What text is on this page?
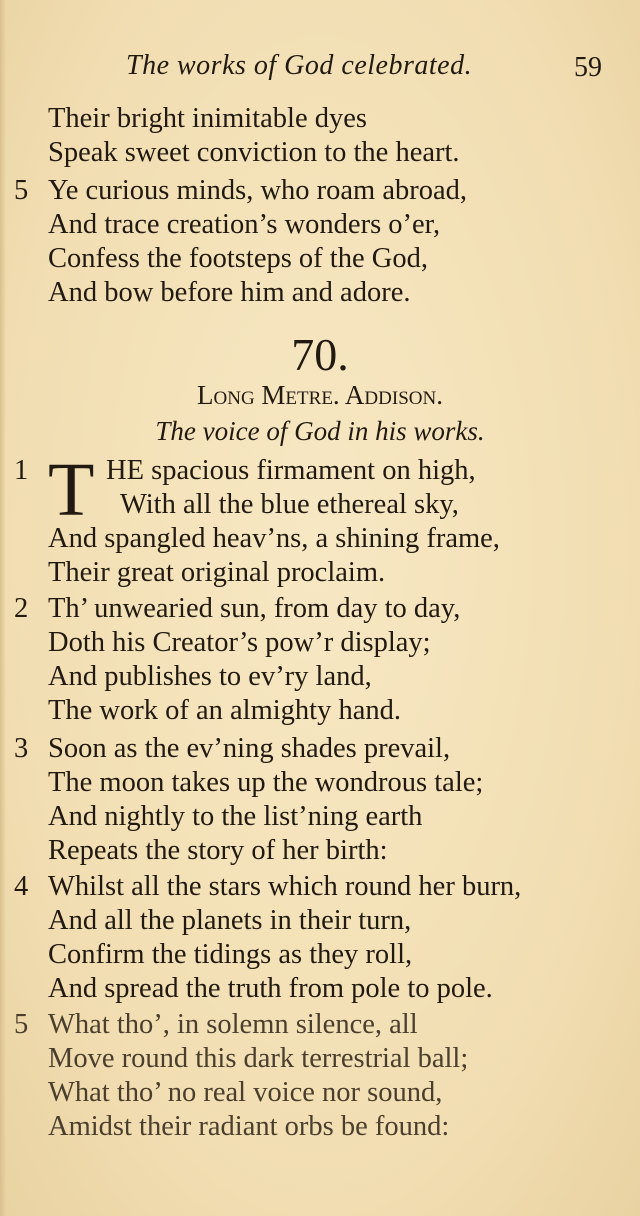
The works of God celebrated.	59
Their bright inimitable dyes
Speak sweet conviction to the heart.
5 Ye curious minds, who roam abroad,
And trace creation’s wonders o’er,
Confess the footsteps of the God,
And bow before him and adore.
70.
Long Metre. Addison.
The voice of God in his works.
T
1	HE spacious firmament on high,
With all the blue ethereal sky,
And spangled heav’ns, a shining frame,
Their great original proclaim.
2 Th’ unwearied sun, from day to day,
Doth his Creator’s pow’r display;
And publishes to ev’ry land,
The work of an almighty hand.
3 Soon as the ev’ning shades prevail,
The moon takes up the wondrous tale;
And nightly to the list’ning earth
Repeats the story of her birth:
4 Whilst all the stars which round her burn,
And all the planets in their turn,
Confirm the tidings as they roll,
And spread the truth from pole to pole.
5 What tho’, in solemn silence, all
Move round this dark terrestrial ball;
What tho’ no real voice nor sound,
Amidst their radiant orbs be found:
